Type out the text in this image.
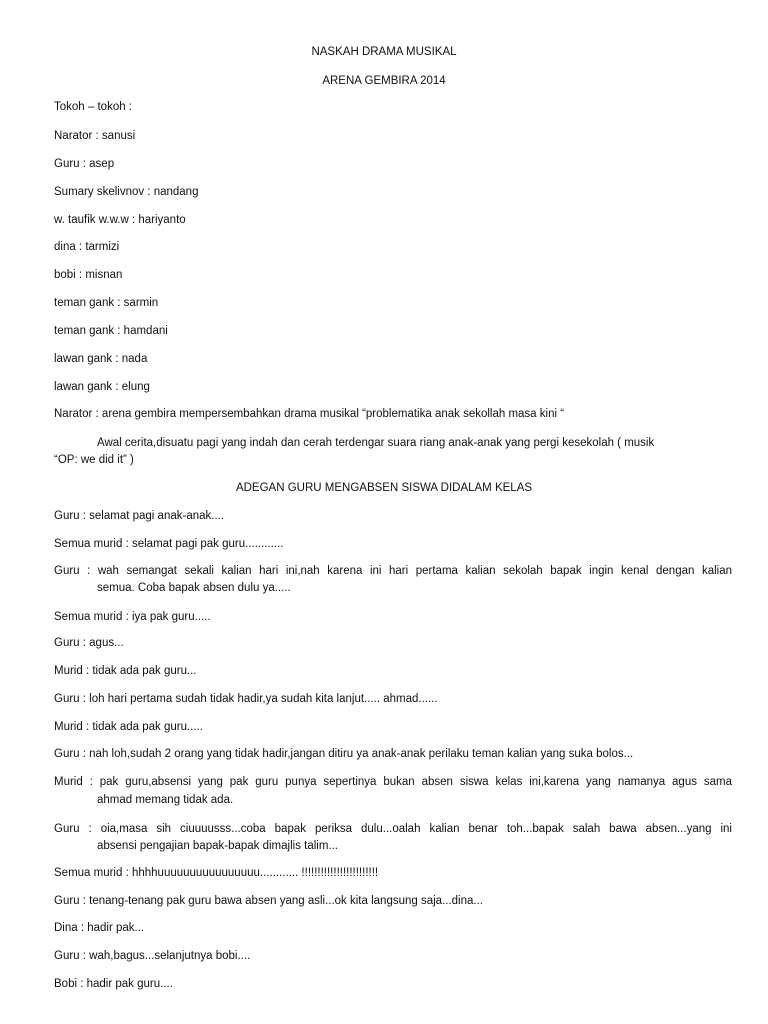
NASKAH DRAMA MUSIKAL
ARENA GEMBIRA 2014
Tokoh – tokoh :
Narator : sanusi
Guru : asep
Sumary skelivnov : nandang
w. taufik w.w.w : hariyanto
dina : tarmizi
bobi : misnan
teman gank : sarmin
teman gank : hamdani
lawan gank : nada
lawan gank : elung
Narator : arena gembira mempersembahkan drama musikal “problematika anak sekollah masa kini “
Awal cerita,disuatu pagi yang indah dan cerah terdengar suara riang anak-anak yang pergi kesekolah ( musik
“OP: we did it” )
ADEGAN GURU MENGABSEN SISWA DIDALAM KELAS
Guru : selamat pagi anak-anak....
Semua murid : selamat pagi pak guru............
Guru : wah semangat sekali kalian hari ini,nah karena ini hari pertama kalian sekolah bapak ingin kenal dengan kalian
semua. Coba bapak absen dulu ya.....
Semua murid : iya pak guru.....
Guru : agus...
Murid : tidak ada pak guru...
Guru : loh hari pertama sudah tidak hadir,ya sudah kita lanjut..... ahmad......
Murid : tidak ada pak guru.....
Guru : nah loh,sudah 2 orang yang tidak hadir,jangan ditiru ya anak-anak perilaku teman kalian yang suka bolos...
Murid : pak guru,absensi yang pak guru punya sepertinya bukan absen siswa kelas ini,karena yang namanya agus sama
ahmad memang tidak ada.
Guru : oia,masa sih ciuuuusss...coba bapak periksa dulu...oalah kalian benar toh...bapak salah bawa absen...yang ini
absensi pengajian bapak-bapak dimajlis talim...
Semua murid : hhhhuuuuuuuuuuuuuuuu............ !!!!!!!!!!!!!!!!!!!!!!!!
Guru : tenang-tenang pak guru bawa absen yang asli...ok kita langsung saja...dina...
Dina : hadir pak...
Guru : wah,bagus...selanjutnya bobi....
Bobi : hadir pak guru....
